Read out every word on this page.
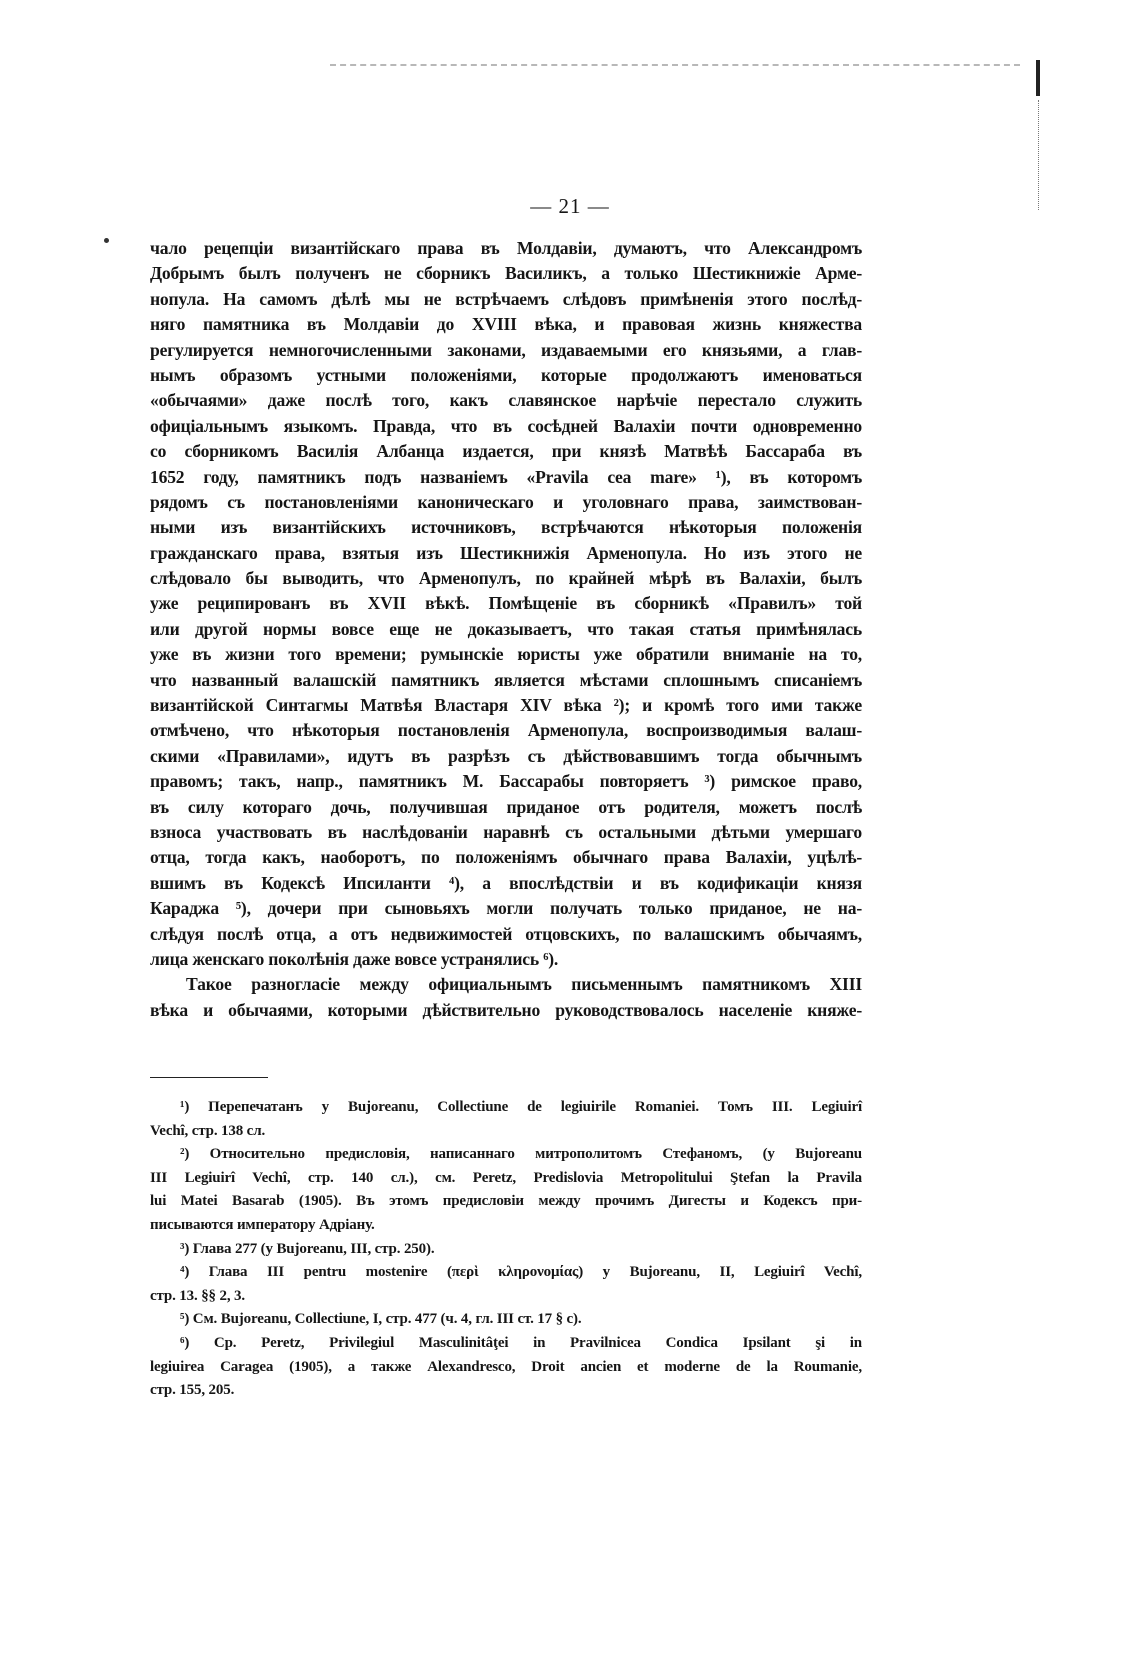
— 21 —
чало рецепціи византійскаго права въ Молдавіи, думаютъ, что Александромъ
Добрымъ былъ полученъ не сборникъ Василикъ, а только Шестикнижіе Арме-
нопула. На самомъ дѣлѣ мы не встрѣчаемъ слѣдовъ примѣненія этого послѣд-
няго памятника въ Молдавіи до XVIII вѣка, и правовая жизнь княжества
регулируется немногочисленными законами, издаваемыми его князьями, а глав-
нымъ образомъ устными положеніями, которые продолжаютъ именоваться
«обычаями» даже послѣ того, какъ славянское нарѣчіе перестало служить
офиціальнымъ языкомъ. Правда, что въ сосѣдней Валахіи почти одновременно
со сборникомъ Василія Албанца издается, при князѣ Матвѣѣ Бассараба въ
1652 году, памятникъ подъ названіемъ «Pravila cea mare» ¹), въ которомъ
рядомъ съ постановленіями каноническаго и уголовнаго права, заимствован-
ными изъ византійскихъ источниковъ, встрѣчаются нѣкоторыя положенія
гражданскаго права, взятыя изъ Шестикнижія Арменопула. Но изъ этого не
слѣдовало бы выводить, что Арменопулъ, по крайней мѣрѣ въ Валахіи, былъ
уже реципированъ въ XVII вѣкѣ. Помѣщеніе въ сборникѣ «Правилъ» той
или другой нормы вовсе еще не доказываетъ, что такая статья примѣнялась
уже въ жизни того времени; румынскіе юристы уже обратили вниманіе на то,
что названный валашскій памятникъ является мѣстами сплошнымъ списаніемъ
византійской Синтагмы Матвѣя Властаря XIV вѣка ²); и кромѣ того ими также
отмѣчено, что нѣкоторыя постановленія Арменопула, воспроизводимыя валаш-
скими «Правилами», идутъ въ разрѣзъ съ дѣйствовавшимъ тогда обычнымъ
правомъ; такъ, напр., памятникъ М. Бассарабы повторяетъ ³) римское право,
въ силу котораго дочь, получившая приданое отъ родителя, можетъ послѣ
взноса участвовать въ наслѣдованіи наравнѣ съ остальными дѣтьми умершаго
отца, тогда какъ, наоборотъ, по положеніямъ обычнаго права Валахіи, уцѣлѣ-
вшимъ въ Кодексѣ Ипсиланти ⁴), а впослѣдствіи и въ кодификаціи князя
Караджа ⁵), дочери при сыновьяхъ могли получать только приданое, не на-
слѣдуя послѣ отца, а отъ недвижимостей отцовскихъ, по валашскимъ обычаямъ,
лица женскаго поколѣнія даже вовсе устранялись ⁶).
Такое разногласіе между официальнымъ письменнымъ памятникомъ XIII
вѣка и обычаями, которыми дѣйствительно руководствовалось населеніе княже-
¹) Перепечатанъ у Bujoreanu, Collectiune de legiuirile Romaniei. Томъ III. Legiuirî
Vechî, стр. 138 сл.
²) Относительно предисловія, написаннаго митрополитомъ Стефаномъ, (у Bujoreanu
III Legiuirî Vechî, стр. 140 сл.), см. Peretz, Predislovia Metropolitului Ştefan la Pravila
lui Matei Basarab (1905). Въ этомъ предисловіи между прочимъ Дигесты и Кодексъ при-
писываются императору Адріану.
³) Глава 277 (у Bujoreanu, III, стр. 250).
⁴) Глава III pentru mostenire (περὶ κληρονομίας) у Bujoreanu, II, Legiuirî Vechî,
стр. 13. §§ 2, 3.
⁵) См. Bujoreanu, Collectiune, I, стр. 477 (ч. 4, гл. III ст. 17 § с).
⁶) Ср. Peretz, Privilegiul Masculinitâţei in Pravilnicea Condica Ipsilant şi in
legiuirea Caragea (1905), а также Alexandresco, Droit ancien et moderne de la Roumanie,
стр. 155, 205.
